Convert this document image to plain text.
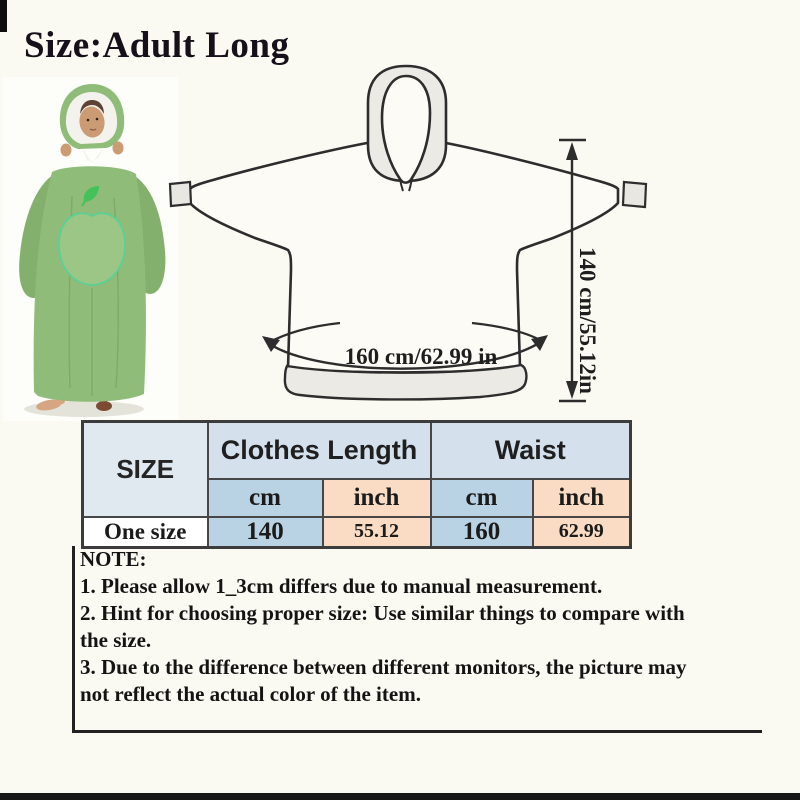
Size:Adult Long
160 cm/62.99 in	140 cm/55.12in
SIZE	Clothes Length		Waist	
	cm	inch	cm	inch
One size	140	55.12	160	62.99
NOTE:
1. Please allow 1_3cm differs due to manual measurement.
2. Hint for choosing proper size: Use similar things to compare with
the size.
3. Due to the difference between different monitors, the picture may
not reflect the actual color of the item.
